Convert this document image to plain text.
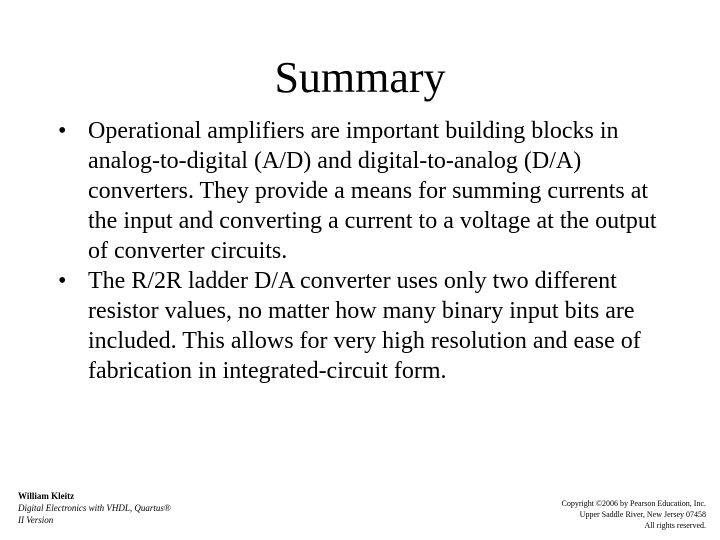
Summary
• Operational amplifiers are important building blocks in analog-to-digital (A/D) and digital-to-analog (D/A) converters. They provide a means for summing currents at the input and converting a current to a voltage at the output of converter circuits.
• The R/2R ladder D/A converter uses only two different resistor values, no matter how many binary input bits are included. This allows for very high resolution and ease of fabrication in integrated-circuit form.
William Kleitz
Digital Electronics with VHDL, Quartus®
II Version
Copyright ©2006 by Pearson Education, Inc.
Upper Saddle River, New Jersey 07458
All rights reserved.
